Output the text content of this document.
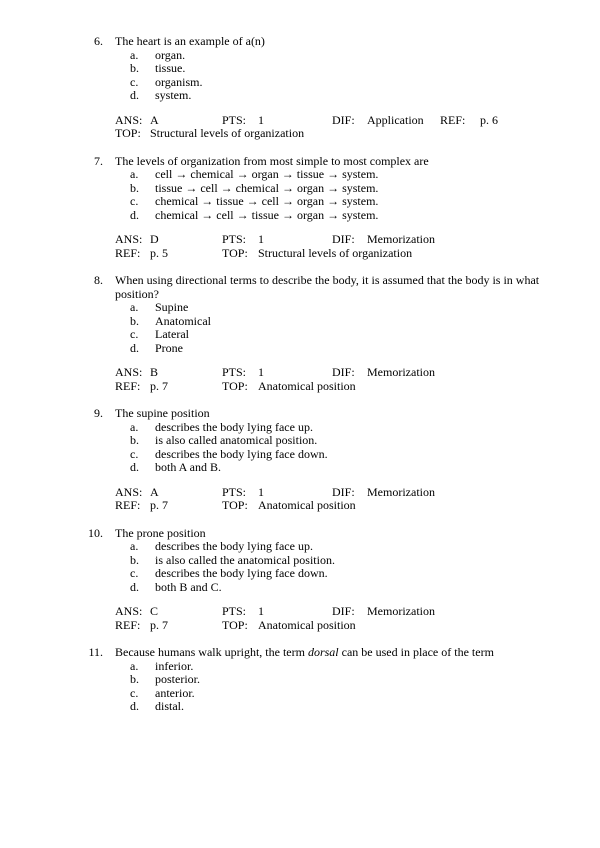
6. The heart is an example of a(n)
a.	organ.
b.	tissue.
c.	organism.
d.	system.
ANS: A	PTS: 1	DIF: Application REF: p. 6
TOP: Structural levels of organization
7. The levels of organization from most simple to most complex are
a.	cell → chemical → organ → tissue → system.
b.	tissue → cell → chemical → organ → system.
c.	chemical → tissue → cell → organ → system.
d.	chemical → cell → tissue → organ → system.
ANS: D	PTS: 1	DIF: Memorization
REF: p. 5	TOP: Structural levels of organization
8. When using directional terms to describe the body, it is assumed that the body is in what
position?
a.	Supine
b.	Anatomical
c.	Lateral
d.	Prone
ANS: B	PTS: 1	DIF: Memorization
REF: p. 7	TOP: Anatomical position
9. The supine position
a.	describes the body lying face up.
b.	is also called anatomical position.
c.	describes the body lying face down.
d.	both A and B.
ANS: A	PTS: 1	DIF: Memorization
REF: p. 7	TOP: Anatomical position
10. The prone position
a.	describes the body lying face up.
b.	is also called the anatomical position.
c.	describes the body lying face down.
d.	both B and C.
ANS: C	PTS: 1	DIF: Memorization
REF: p. 7	TOP: Anatomical position
11. Because humans walk upright, the term dorsal can be used in place of the term
a.	inferior.
b.	posterior.
c.	anterior.
d.	distal.
